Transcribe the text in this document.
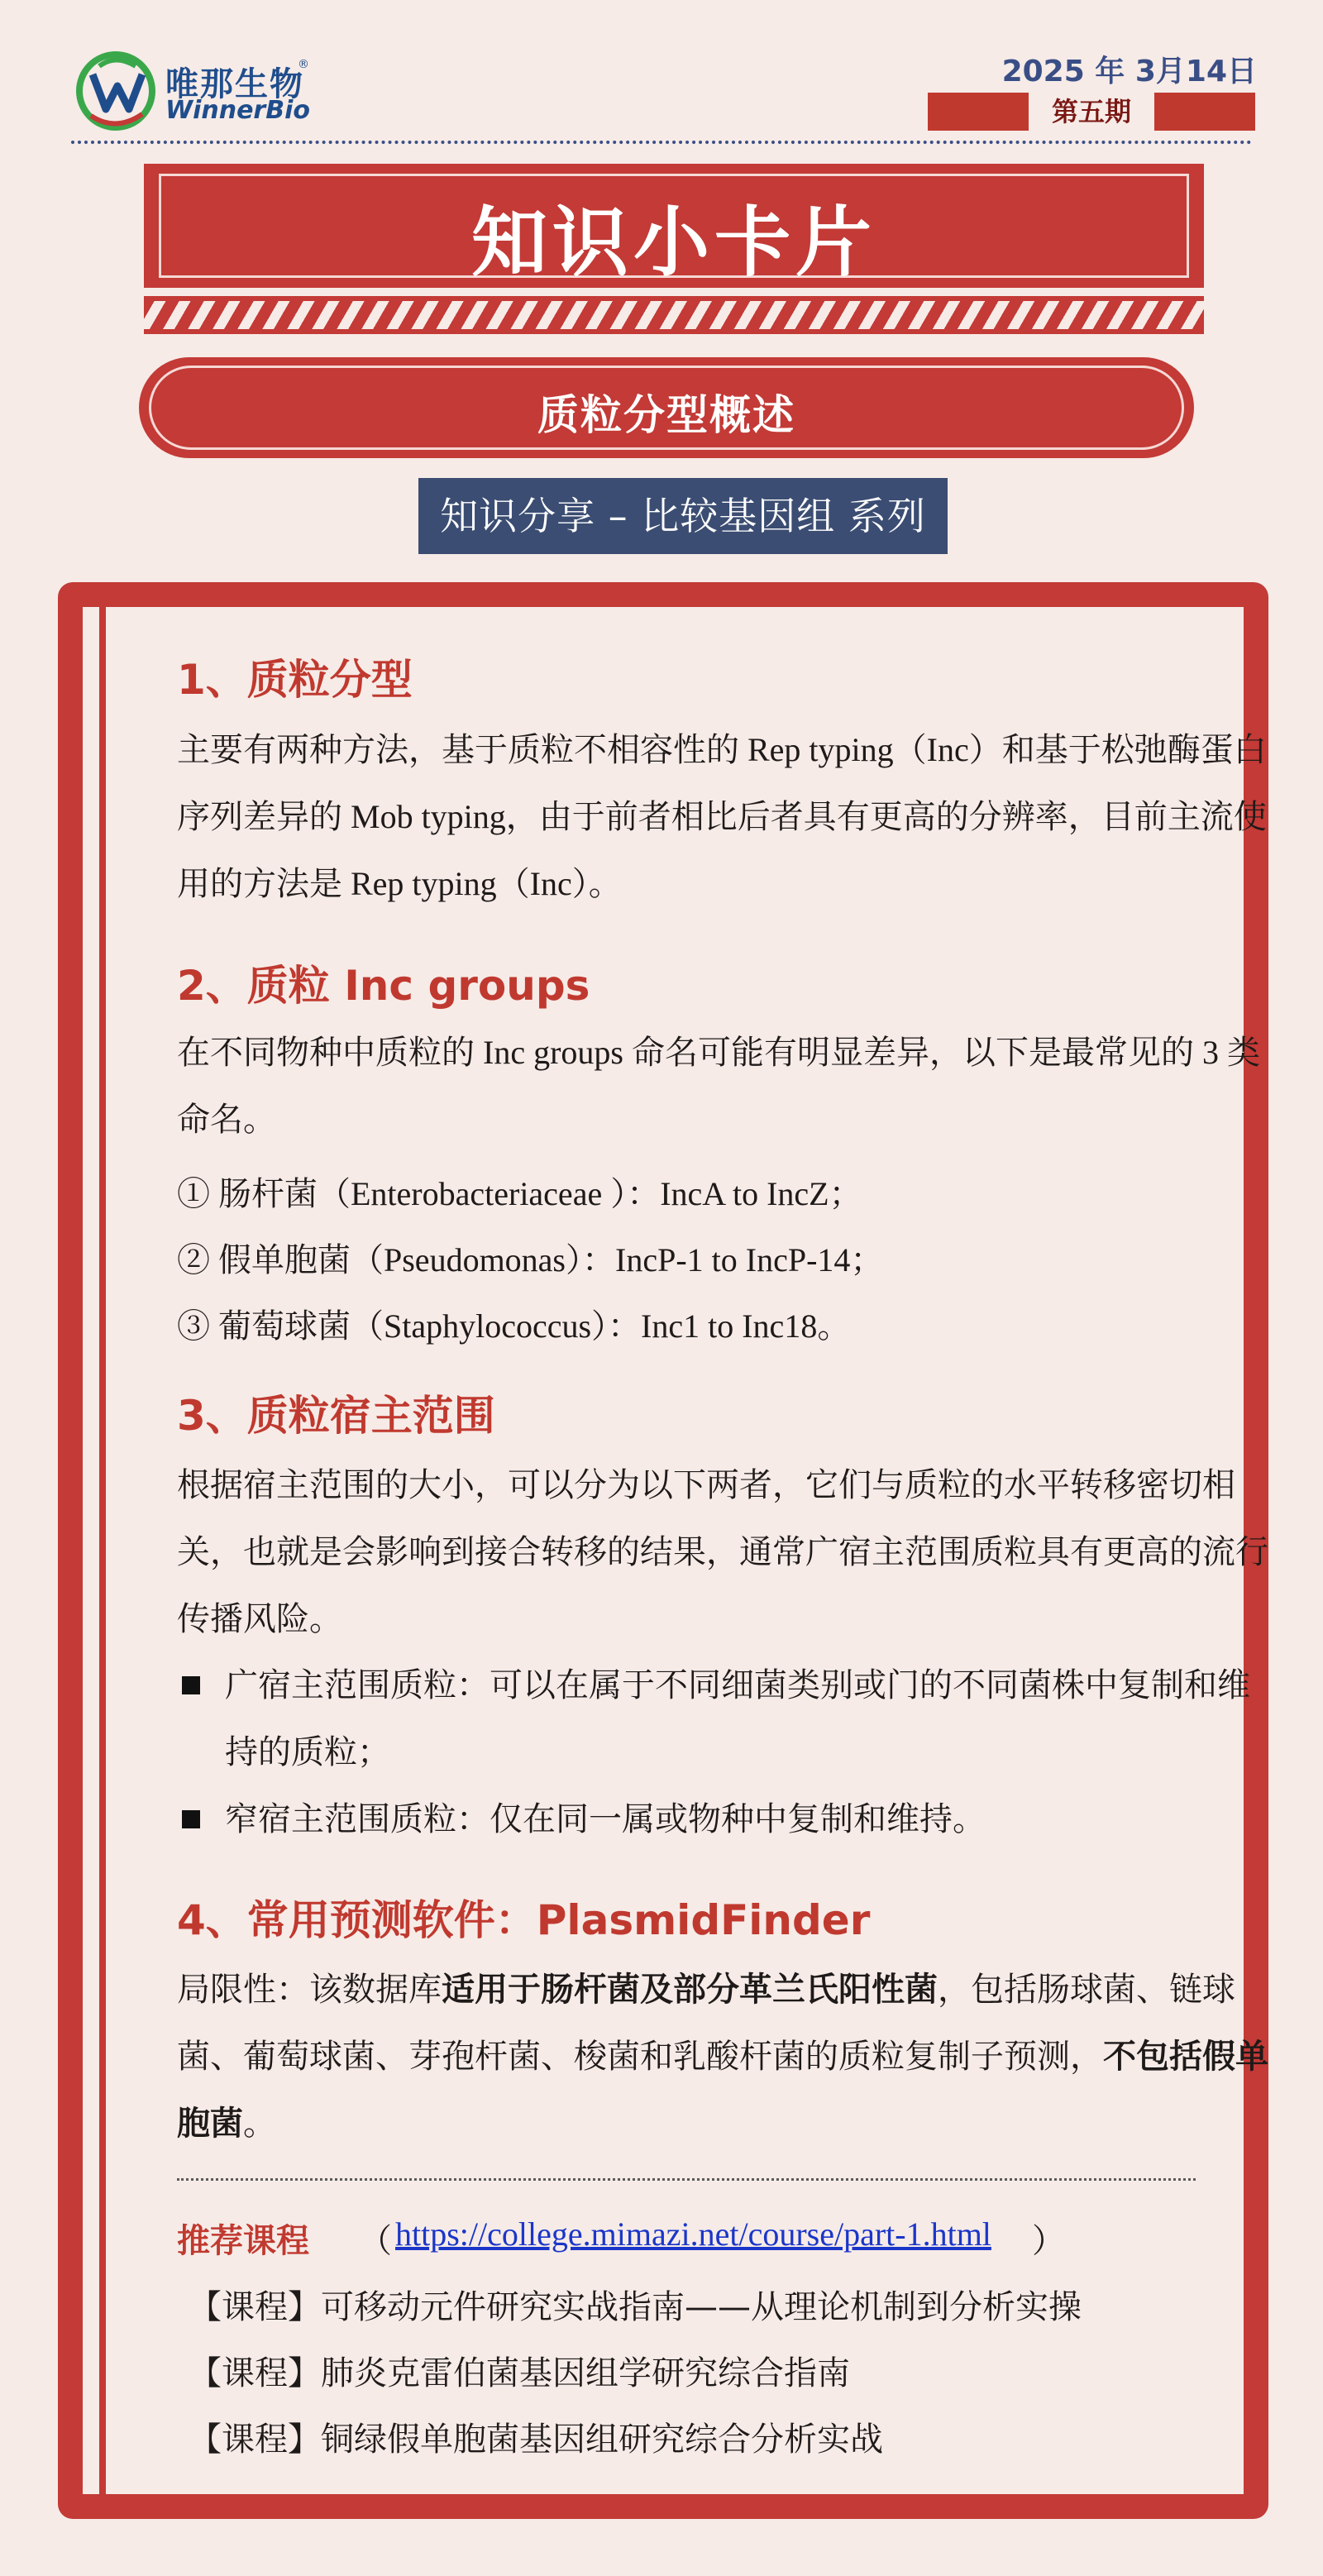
唯那生物
®
WinnerBio
2025 年 3月14日
第五期
知识小卡片
质粒分型概述
知识分享 – 比较基因组 系列
1、质粒分型
主要有两种方法，基于质粒不相容性的 Rep typing（Inc）和基于松弛酶蛋白序列差异的 Mob typing，由于前者相比后者具有更高的分辨率，目前主流使用的方法是 Rep typing（Inc）。
2、质粒 Inc groups
在不同物种中质粒的 Inc groups 命名可能有明显差异，以下是最常见的 3 类命名。
① 肠杆菌（Enterobacteriaceae ）：IncA to IncZ；
② 假单胞菌（Pseudomonas）：IncP-1 to IncP-14；
③ 葡萄球菌（Staphylococcus）：Inc1 to Inc18。
3、质粒宿主范围
根据宿主范围的大小，可以分为以下两者，它们与质粒的水平转移密切相关，也就是会影响到接合转移的结果，通常广宿主范围质粒具有更高的流行传播风险。
广宿主范围质粒：可以在属于不同细菌类别或门的不同菌株中复制和维持的质粒；
窄宿主范围质粒：仅在同一属或物种中复制和维持。
4、常用预测软件：PlasmidFinder
局限性：该数据库适用于肠杆菌及部分革兰氏阳性菌，包括肠球菌、链球菌、葡萄球菌、芽孢杆菌、梭菌和乳酸杆菌的质粒复制子预测，不包括假单胞菌。
推荐课程 （ https://college.mimazi.net/course/part-1.html ）
【课程】可移动元件研究实战指南——从理论机制到分析实操
【课程】肺炎克雷伯菌基因组学研究综合指南
【课程】铜绿假单胞菌基因组研究综合分析实战
